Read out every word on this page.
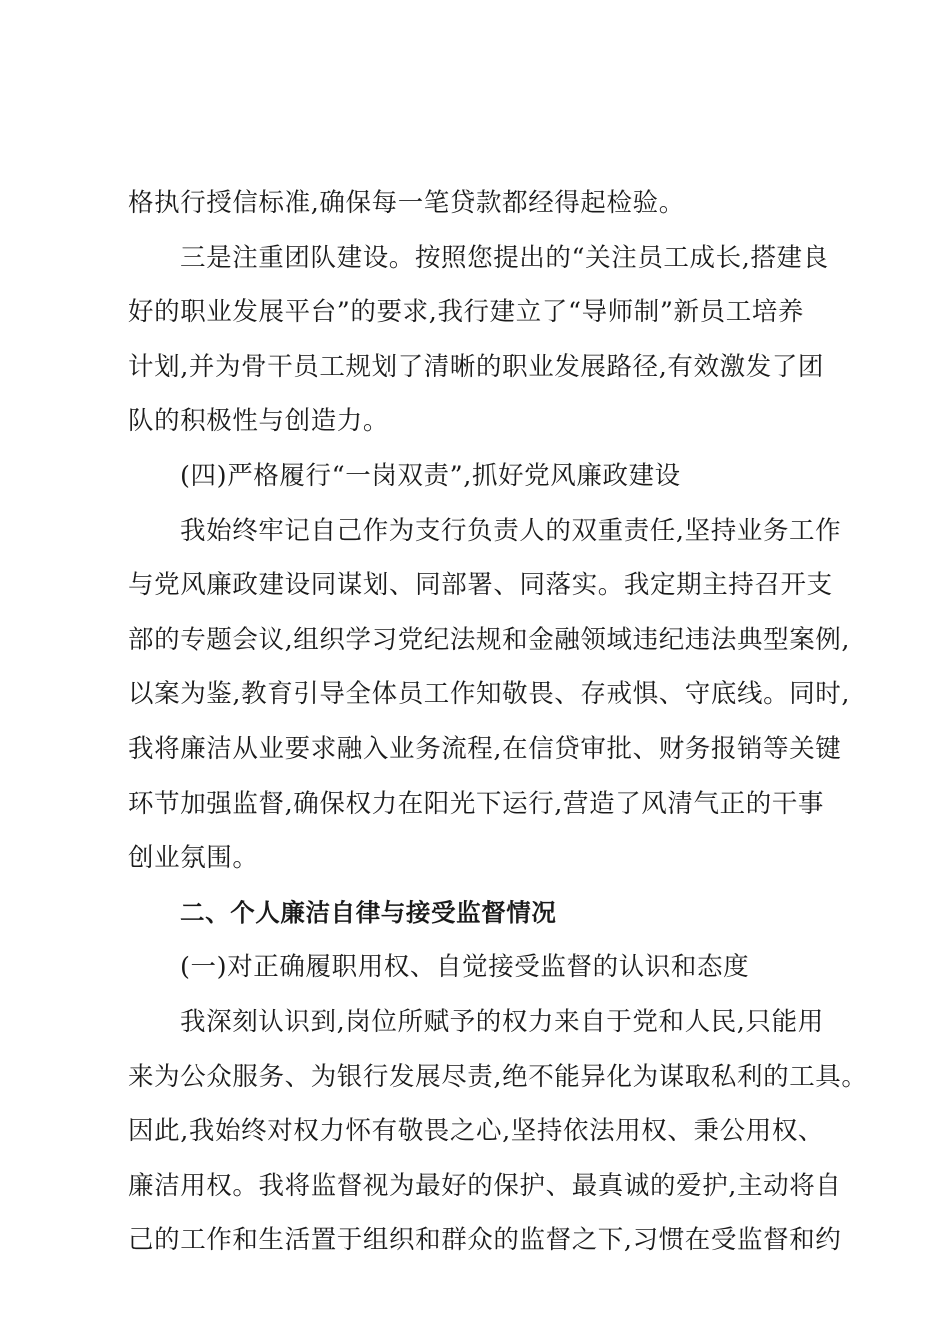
格执行授信标准,确保每一笔贷款都经得起检验。
三是注重团队建设。按照您提出的“关注员工成长,搭建良
好的职业发展平台”的要求,我行建立了“导师制”新员工培养
计划,并为骨干员工规划了清晰的职业发展路径,有效激发了团
队的积极性与创造力。
(四)严格履行“一岗双责”,抓好党风廉政建设
我始终牢记自己作为支行负责人的双重责任,坚持业务工作
与党风廉政建设同谋划、同部署、同落实。我定期主持召开支
部的专题会议,组织学习党纪法规和金融领域违纪违法典型案例,
以案为鉴,教育引导全体员工作知敬畏、存戒惧、守底线。同时,
我将廉洁从业要求融入业务流程,在信贷审批、财务报销等关键
环节加强监督,确保权力在阳光下运行,营造了风清气正的干事
创业氛围。
二、个人廉洁自律与接受监督情况
(一)对正确履职用权、自觉接受监督的认识和态度
我深刻认识到,岗位所赋予的权力来自于党和人民,只能用
来为公众服务、为银行发展尽责,绝不能异化为谋取私利的工具。
因此,我始终对权力怀有敬畏之心,坚持依法用权、秉公用权、
廉洁用权。我将监督视为最好的保护、最真诚的爱护,主动将自
己的工作和生活置于组织和群众的监督之下,习惯在受监督和约
